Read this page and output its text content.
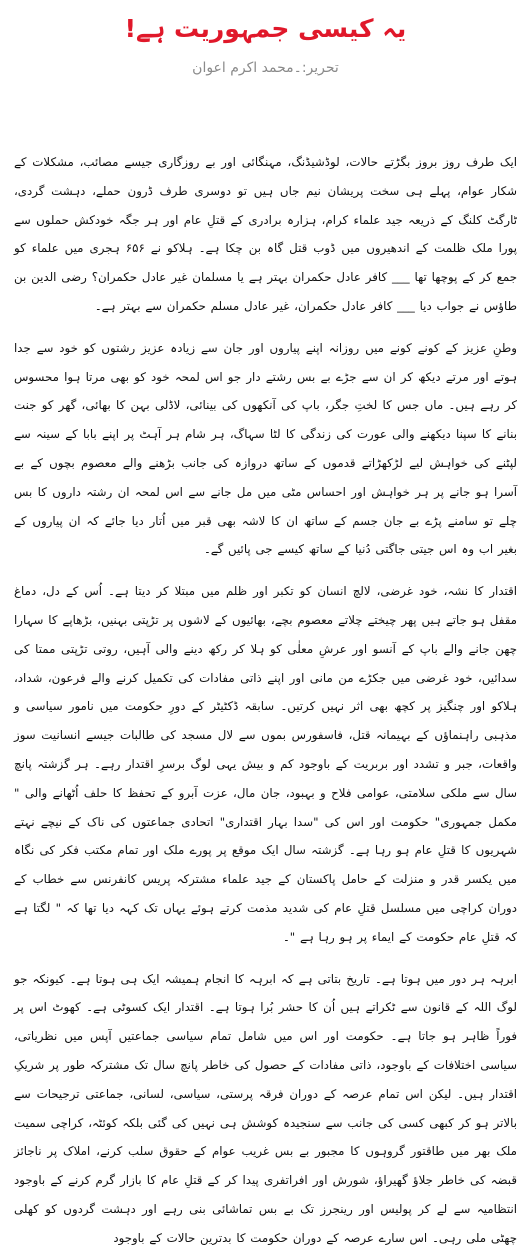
یہ کیسی جمہوریت ہے!
تحریر:۔محمد اکرم اعوان

ایک طرف روز بروز بگڑتے حالات، لوڈشیڈنگ، مہنگائی اور بے روزگاری جیسے مصائب، مشکلات کے شکار عوام، پہلے ہی سخت پریشان نیم جاں ہیں تو دوسری طرف ڈرون حملے، دہشت گردی، ٹارگٹ کلنگ کے ذریعہ جید علماء کرام، ہزارہ برادری کے قتلِ عام اور ہر جگہ خودکش حملوں سے پورا ملک ظلمت کے اندھیروں میں ڈوب قتل گاہ بن چکا ہے۔ ہلاکو نے ۶۵۶ ہجری میں علماء کو جمع کر کے پوچھا تھا ___ کافر عادل حکمران بہتر ہے یا مسلمان غیر عادل حکمران؟ رضی الدین بن طاؤس نے جواب دیا ___ کافر عادل حکمران، غیر عادل مسلم حکمران سے بہتر ہے۔

وطنِ عزیز کے کونے کونے میں روزانہ اپنے پیاروں اور جان سے زیادہ عزیز رشتوں کو خود سے جدا ہوتے اور مرتے دیکھ کر ان سے جڑے بے بس رشتے دار جو اس لمحہ خود کو بھی مرتا ہوا محسوس کر رہے ہیں۔ ماں جس کا لختِ جگر، باپ کی آنکھوں کی بینائی، لاڈلی بہن کا بھائی، گھر کو جنت بنانے کا سپنا دیکھنے والی عورت کی زندگی کا لٹا سہاگ، ہر شام ہر آہٹ پر اپنے بابا کے سینہ سے لپٹنے کی خواہش لیے لڑکھڑاتے قدموں کے ساتھ دروازہ کی جانب بڑھنے والے معصوم بچوں کے بے آسرا ہو جانے پر ہر خواہش اور احساس مٹی میں مل جانے سے اس لمحہ ان رشتہ داروں کا بس چلے تو سامنے پڑے بے جان جسم کے ساتھ ان کا لاشہ بھی قبر میں اُتار دیا جائے کہ ان پیاروں کے بغیر اب وہ اس جیتی جاگتی دُنیا کے ساتھ کیسے جی پائیں گے۔

اقتدار کا نشہ، خود غرضی، لالچ انسان کو تکبر اور ظلم میں مبتلا کر دیتا ہے۔ اُس کے دل، دماغ مقفل ہو جاتے ہیں پھر چیختے چلاتے معصوم بچے، بھائیوں کے لاشوں پر تڑپتی بہنیں، بڑھاپے کا سہارا چھن جانے والے باپ کے آنسو اور عرشِ معلٰی کو ہلا کر رکھ دینے والی آہیں، روتی تڑپتی ممتا کی سدائیں، خود غرضی میں جکڑے من مانی اور اپنے ذاتی مفادات کی تکمیل کرنے والے فرعون، شداد، ہلاکو اور چنگیز پر کچھ بھی اثر نہیں کرتیں۔ سابقہ ڈکٹیٹر کے دورِ حکومت میں نامور سیاسی و مذہبی راہنماؤں کے بہیمانہ قتل، فاسفورس بموں سے لال مسجد کی طالبات جیسے انسانیت سوز واقعات، جبر و تشدد اور بربریت کے باوجود کم و بیش یہی لوگ برسرِ اقتدار رہے۔ ہر گزشتہ پانچ سال سے ملکی سلامتی، عوامی فلاح و بہبود، جان مال، عزت آبرو کے تحفظ کا حلف اُٹھانے والی " مکمل جمہوری" حکومت اور اس کی "سدا بہار اقتداری" اتحادی جماعتوں کی ناک کے نیچے نہتے شہریوں کا قتلِ عام ہو رہا ہے۔ گزشتہ سال ایک موقع پر پورے ملک اور تمام مکتب فکر کی نگاہ میں یکسر قدر و منزلت کے حامل پاکستان کے جید علماء مشترکہ پریس کانفرنس سے خطاب کے دوران کراچی میں مسلسل قتلِ عام کی شدید مذمت کرتے ہوئے یہاں تک کہہ دیا تھا کہ " لگتا ہے کہ قتلِ عام حکومت کے ایماء پر ہو رہا ہے "۔

ابرہہ ہر دور میں ہوتا ہے۔ تاریخ بتاتی ہے کہ ابرہہ کا انجام ہمیشہ ایک ہی ہوتا ہے۔ کیونکہ جو لوگ اللہ کے قانون سے ٹکراتے ہیں اُن کا حشر بُرا ہوتا ہے۔ اقتدار ایک کسوٹی ہے۔ کھوٹ اس پر فوراً ظاہر ہو جاتا ہے۔ حکومت اور اس میں شامل تمام سیاسی جماعتیں آپس میں نظریاتی، سیاسی اختلافات کے باوجود، ذاتی مفادات کے حصول کی خاطر پانچ سال تک مشترکہ طور پر شریکِ اقتدار ہیں۔ لیکن اس تمام عرصہ کے دوران فرقہ پرستی، سیاسی، لسانی، جماعتی ترجیحات سے بالاتر ہو کر کبھی کسی کی جانب سے سنجیدہ کوشش ہی نہیں کی گئی بلکہ کوئٹہ، کراچی سمیت ملک بھر میں طاقتور گروہوں کا مجبور بے بس غریب عوام کے حقوق سلب کرنے، املاک پر ناجائز قبضہ کی خاطر جلاؤ گھیراؤ، شورش اور افراتفری پیدا کر کے قتلِ عام کا بازار گرم کرنے کے باوجود انتظامیہ سے لے کر پولیس اور رینجرز تک بے بس تماشائی بنی رہے اور دہشت گردوں کو کھلی چھٹی ملی رہی۔ اس سارے عرصہ کے دوران حکومت کا بدترین حالات کے باوجود
